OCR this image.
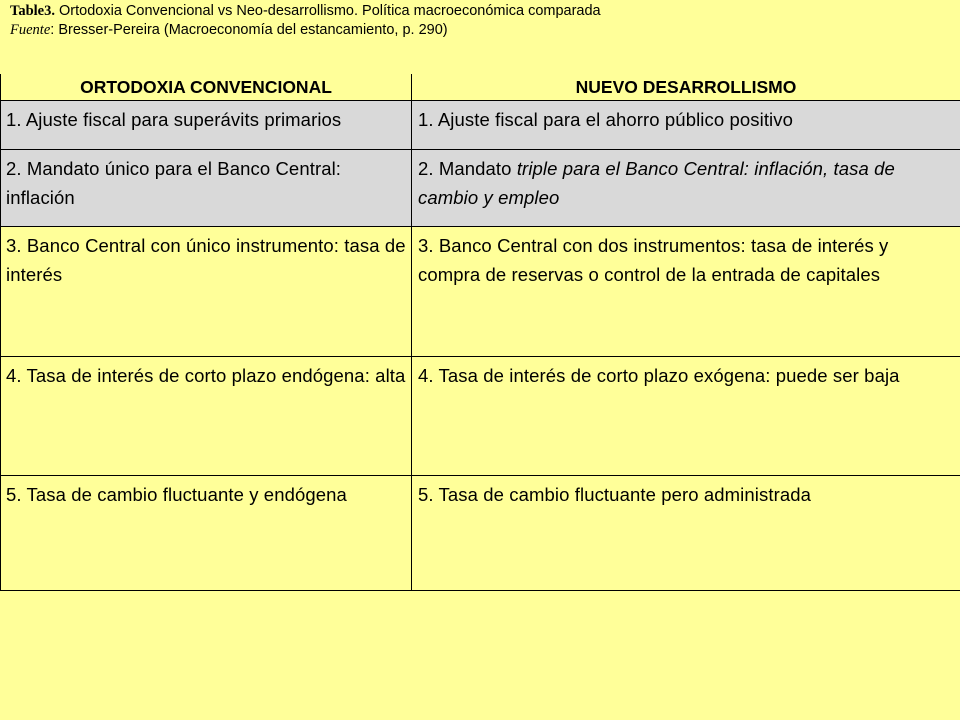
Table3. Ortodoxia Convencional vs Neo-desarrollismo. Política macroeconómica comparada
Fuente: Bresser-Pereira (Macroeconomía del estancamiento, p. 290)
ORTODOXIA CONVENCIONAL	NUEVO DESARROLLISMO
1. Ajuste fiscal para superávits primarios	1. Ajuste fiscal para el ahorro público positivo
2. Mandato único para el Banco Central: inflación	2. Mandato triple para el Banco Central: inflación, tasa de cambio y empleo
3. Banco Central con único instrumento: tasa de interés	3. Banco Central con dos instrumentos: tasa de interés y compra de reservas o control de la entrada de capitales
4. Tasa de interés de corto plazo endógena: alta	4. Tasa de interés de corto plazo exógena: puede ser baja
5. Tasa de cambio fluctuante y endógena	5. Tasa de cambio fluctuante pero administrada
